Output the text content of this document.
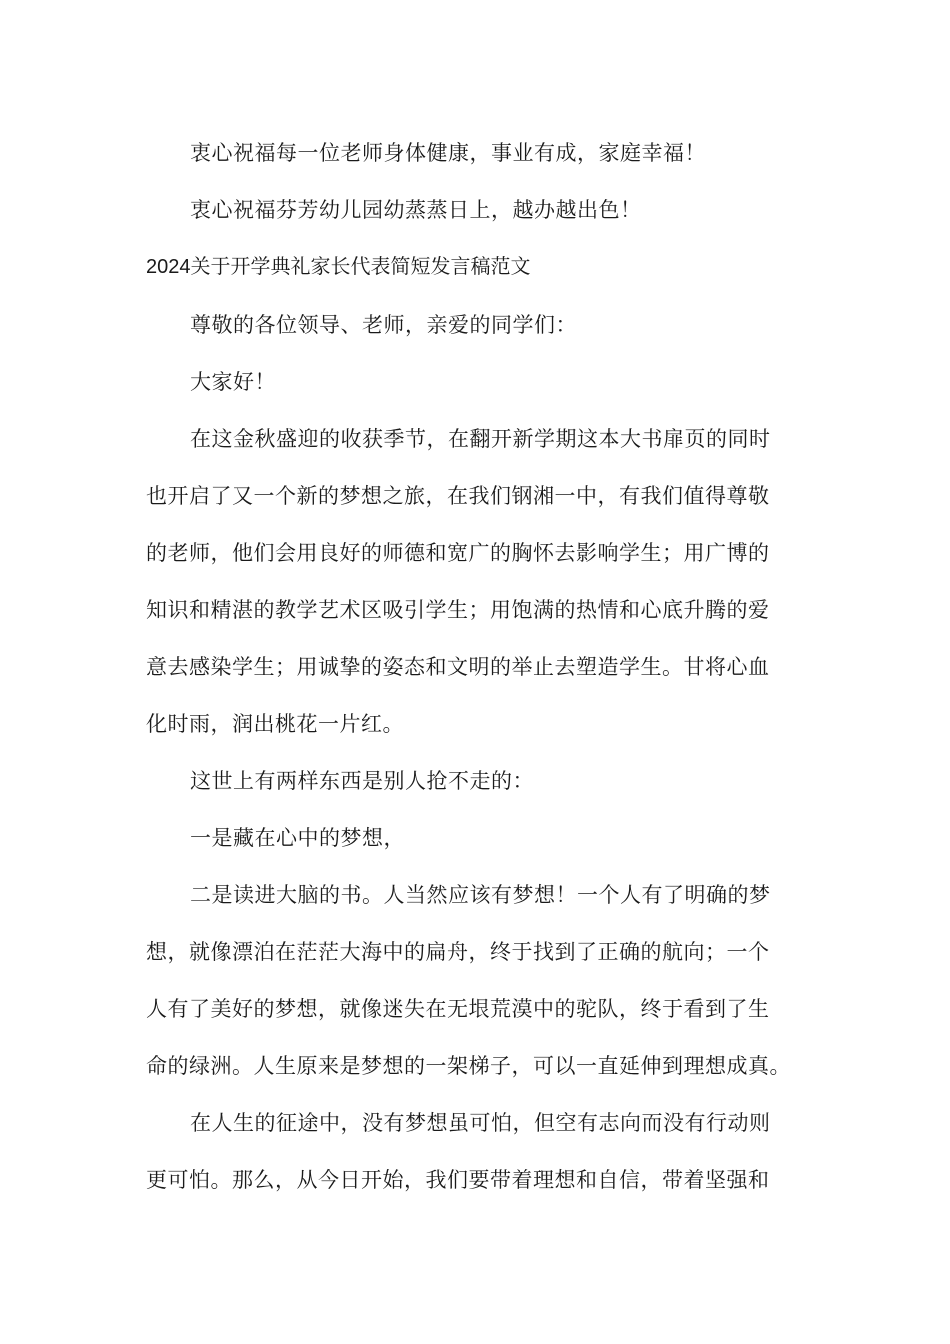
衷心祝福每一位老师身体健康，事业有成，家庭幸福！
衷心祝福芬芳幼儿园幼蒸蒸日上，越办越出色！
2024关于开学典礼家长代表简短发言稿范文
尊敬的各位领导、老师，亲爱的同学们：
大家好！
在这金秋盛迎的收获季节，在翻开新学期这本大书扉页的同时
也开启了又一个新的梦想之旅，在我们钢湘一中，有我们值得尊敬
的老师，他们会用良好的师德和宽广的胸怀去影响学生；用广博的
知识和精湛的教学艺术区吸引学生；用饱满的热情和心底升腾的爱
意去感染学生；用诚挚的姿态和文明的举止去塑造学生。甘将心血
化时雨，润出桃花一片红。
这世上有两样东西是别人抢不走的：
一是藏在心中的梦想，
二是读进大脑的书。人当然应该有梦想！一个人有了明确的梦
想，就像漂泊在茫茫大海中的扁舟，终于找到了正确的航向；一个
人有了美好的梦想，就像迷失在无垠荒漠中的驼队，终于看到了生
命的绿洲。人生原来是梦想的一架梯子，可以一直延伸到理想成真。
在人生的征途中，没有梦想虽可怕，但空有志向而没有行动则
更可怕。那么，从今日开始，我们要带着理想和自信，带着坚强和
